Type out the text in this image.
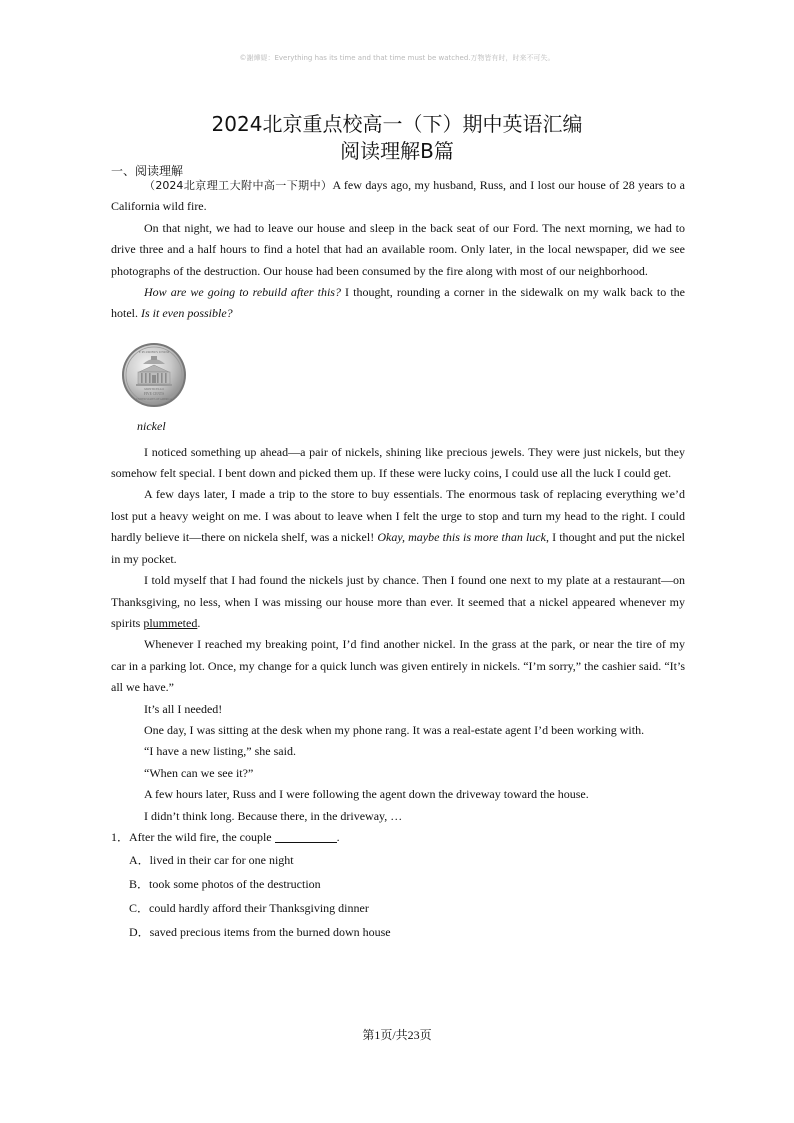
©謝燁媞：Everything has its time and that time must be watched.万物皆有时，时来不可失。
2024北京重点校高一（下）期中英语汇编
阅读理解B篇
一、阅读理解

（2024北京理工大附中高一下期中）A few days ago, my husband, Russ, and I lost our house of 28 years to a California wild fire.

On that night, we had to leave our house and sleep in the back seat of our Ford. The next morning, we had to drive three and a half hours to find a hotel that had an available room. Only later, in the local newspaper, did we see photographs of the destruction. Our house had been consumed by the fire along with most of our neighborhood.

How are we going to rebuild after this? I thought, rounding a corner in the sidewalk on my walk back to the hotel. Is it even possible?

E PLURIBUS UNUM
MONTICELLO
FIVE CENTS
UNITED STATES OF AMERICA
nickel

I noticed something up ahead—a pair of nickels, shining like precious jewels. They were just nickels, but they somehow felt special. I bent down and picked them up. If these were lucky coins, I could use all the luck I could get.

A few days later, I made a trip to the store to buy essentials. The enormous task of replacing everything we’d lost put a heavy weight on me. I was about to leave when I felt the urge to stop and turn my head to the right. I could hardly believe it—there on nickela shelf, was a nickel! Okay, maybe this is more than luck, I thought and put the nickel in my pocket.

I told myself that I had found the nickels just by chance. Then I found one next to my plate at a restaurant—on Thanksgiving, no less, when I was missing our house more than ever. It seemed that a nickel appeared whenever my spirits plummeted.

Whenever I reached my breaking point, I’d find another nickel. In the grass at the park, or near the tire of my car in a parking lot. Once, my change for a quick lunch was given entirely in nickels. “I’m sorry,” the cashier said. “It’s all we have.”

It’s all I needed!

One day, I was sitting at the desk when my phone rang. It was a real-estate agent I’d been working with.

“I have a new listing,” she said.

“When can we see it?”

A few hours later, Russ and I were following the agent down the driveway toward the house.

I didn’t think long. Because there, in the driveway, …

1．After the wild fire, the couple	.

A．lived in their car for one night
B．took some photos of the destruction
C．could hardly afford their Thanksgiving dinner
D．saved precious items from the burned down house
第1页/共23页
